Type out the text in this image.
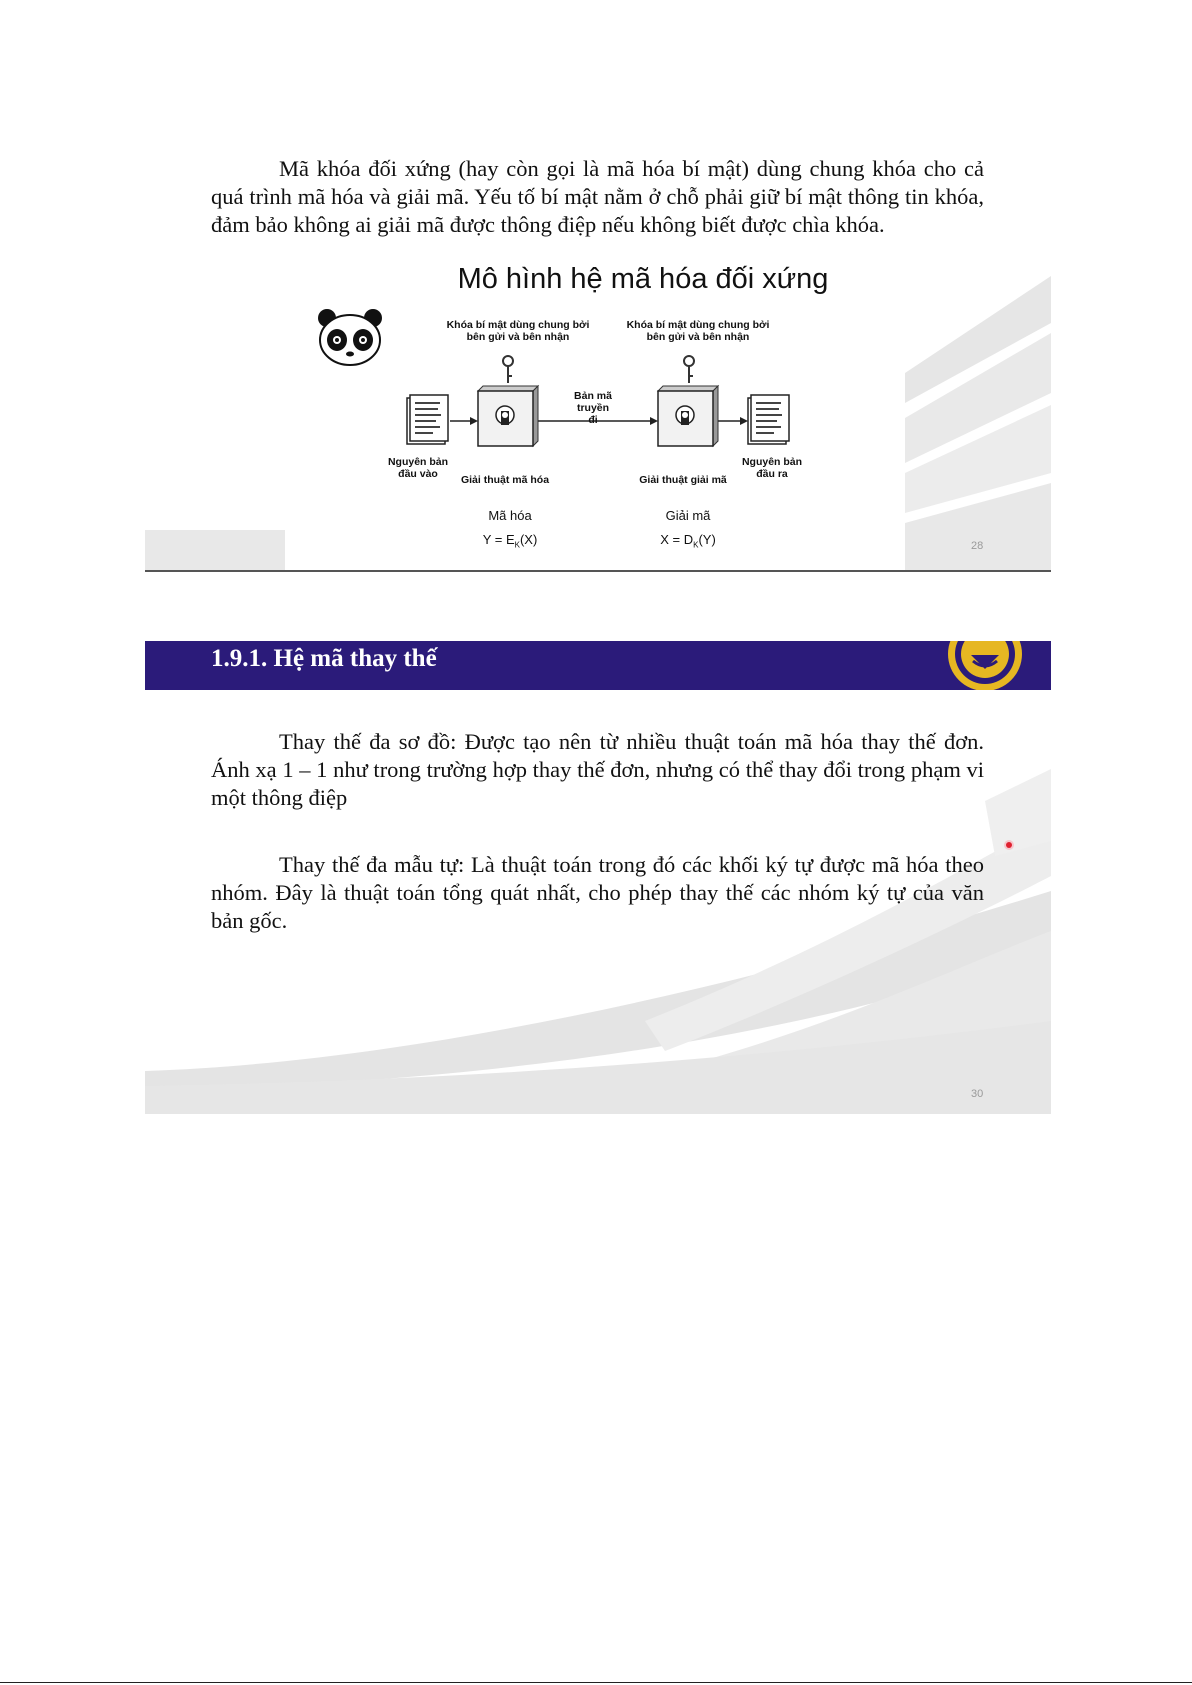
Mã khóa đối xứng (hay còn gọi là mã hóa bí mật) dùng chung khóa cho cả quá trình mã hóa và giải mã. Yếu tố bí mật nằm ở chỗ phải giữ bí mật thông tin khóa, đảm bảo không ai giải mã được thông điệp nếu không biết được chìa khóa.
Mô hình hệ mã hóa đối xứng
Khóa bí mật dùng chung bởi bên gửi và bên nhận
Khóa bí mật dùng chung bởi bên gửi và bên nhận
Bản mã truyền đi
Nguyên bản đầu vào
Nguyên bản đầu ra
Giải thuật mã hóa	Giải thuật giải mã
Mã hóa	Giải mã
$Y = E_K(X)$	$X = D_K(Y)$	28
1.9.1. Hệ mã thay thế
Thay thế đa sơ đồ: Được tạo nên từ nhiều thuật toán mã hóa thay thế đơn. Ánh xạ 1 – 1 như trong trường hợp thay thế đơn, nhưng có thể thay đổi trong phạm vi một thông điệp
Thay thế đa mẫu tự: Là thuật toán trong đó các khối ký tự được mã hóa theo nhóm. Đây là thuật toán tổng quát nhất, cho phép thay thế các nhóm ký tự của văn bản gốc.
30
